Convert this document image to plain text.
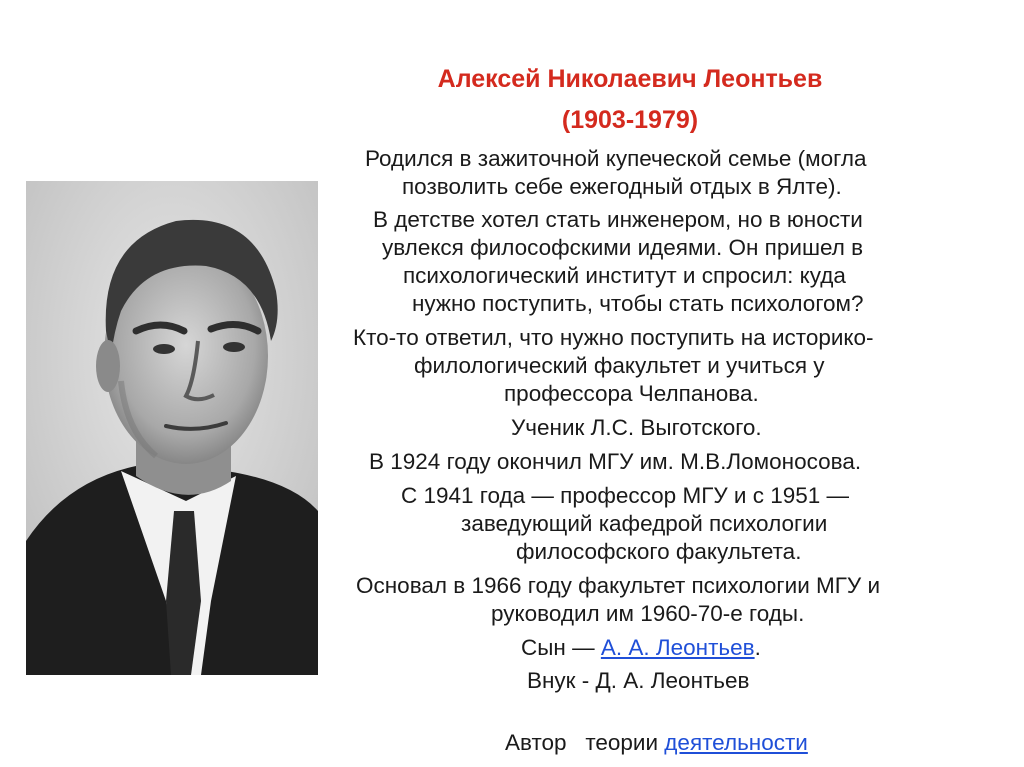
Алексей Николаевич Леонтьев
(1903-1979)
Родился в зажиточной купеческой семье (могла
позволить себе ежегодный отдых в Ялте).
В детстве хотел стать инженером, но в юности
увлекся философскими идеями. Он пришел в
психологический институт и спросил: куда
нужно поступить, чтобы стать психологом?
Кто-то ответил, что нужно поступить на историко-
филологический факультет и учиться у
профессора Челпанова.
Ученик Л.С. Выготского.
В 1924 году окончил МГУ им. М.В.Ломоносова.
С 1941 года — профессор МГУ и с 1951 —
заведующий кафедрой психологии
философского факультета.
Основал в 1966 году факультет психологии МГУ и
руководил им 1960-70-е годы.
Сын — А. А. Леонтьев.
Внук - Д. А. Леонтьев

Автор   теории деятельности
